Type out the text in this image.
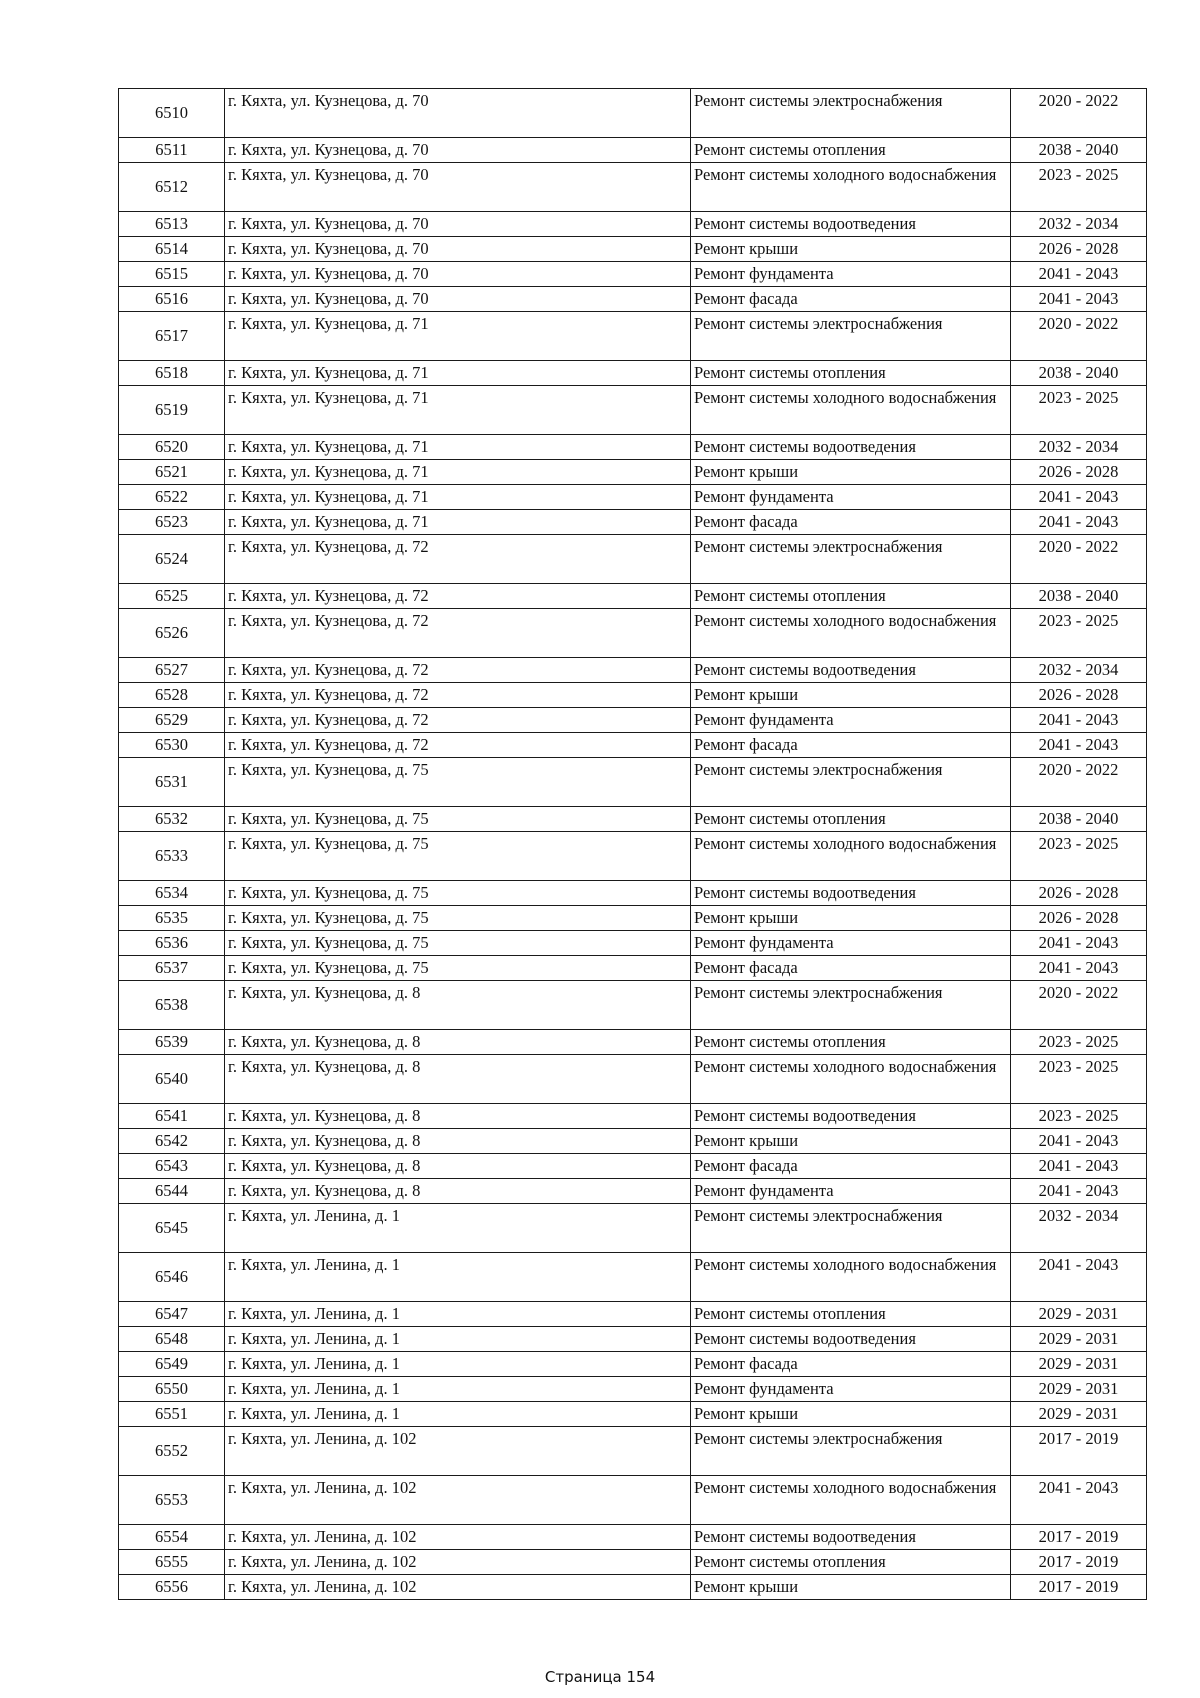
6510	г. Кяхта, ул. Кузнецова, д. 70	Ремонт системы электроснабжения	2020 - 2022
6511	г. Кяхта, ул. Кузнецова, д. 70	Ремонт системы отопления	2038 - 2040
6512	г. Кяхта, ул. Кузнецова, д. 70	Ремонт системы холодного водоснабжения	2023 - 2025
6513	г. Кяхта, ул. Кузнецова, д. 70	Ремонт системы водоотведения	2032 - 2034
6514	г. Кяхта, ул. Кузнецова, д. 70	Ремонт крыши	2026 - 2028
6515	г. Кяхта, ул. Кузнецова, д. 70	Ремонт фундамента	2041 - 2043
6516	г. Кяхта, ул. Кузнецова, д. 70	Ремонт фасада	2041 - 2043
6517	г. Кяхта, ул. Кузнецова, д. 71	Ремонт системы электроснабжения	2020 - 2022
6518	г. Кяхта, ул. Кузнецова, д. 71	Ремонт системы отопления	2038 - 2040
6519	г. Кяхта, ул. Кузнецова, д. 71	Ремонт системы холодного водоснабжения	2023 - 2025
6520	г. Кяхта, ул. Кузнецова, д. 71	Ремонт системы водоотведения	2032 - 2034
6521	г. Кяхта, ул. Кузнецова, д. 71	Ремонт крыши	2026 - 2028
6522	г. Кяхта, ул. Кузнецова, д. 71	Ремонт фундамента	2041 - 2043
6523	г. Кяхта, ул. Кузнецова, д. 71	Ремонт фасада	2041 - 2043
6524	г. Кяхта, ул. Кузнецова, д. 72	Ремонт системы электроснабжения	2020 - 2022
6525	г. Кяхта, ул. Кузнецова, д. 72	Ремонт системы отопления	2038 - 2040
6526	г. Кяхта, ул. Кузнецова, д. 72	Ремонт системы холодного водоснабжения	2023 - 2025
6527	г. Кяхта, ул. Кузнецова, д. 72	Ремонт системы водоотведения	2032 - 2034
6528	г. Кяхта, ул. Кузнецова, д. 72	Ремонт крыши	2026 - 2028
6529	г. Кяхта, ул. Кузнецова, д. 72	Ремонт фундамента	2041 - 2043
6530	г. Кяхта, ул. Кузнецова, д. 72	Ремонт фасада	2041 - 2043
6531	г. Кяхта, ул. Кузнецова, д. 75	Ремонт системы электроснабжения	2020 - 2022
6532	г. Кяхта, ул. Кузнецова, д. 75	Ремонт системы отопления	2038 - 2040
6533	г. Кяхта, ул. Кузнецова, д. 75	Ремонт системы холодного водоснабжения	2023 - 2025
6534	г. Кяхта, ул. Кузнецова, д. 75	Ремонт системы водоотведения	2026 - 2028
6535	г. Кяхта, ул. Кузнецова, д. 75	Ремонт крыши	2026 - 2028
6536	г. Кяхта, ул. Кузнецова, д. 75	Ремонт фундамента	2041 - 2043
6537	г. Кяхта, ул. Кузнецова, д. 75	Ремонт фасада	2041 - 2043
6538	г. Кяхта, ул. Кузнецова, д. 8	Ремонт системы электроснабжения	2020 - 2022
6539	г. Кяхта, ул. Кузнецова, д. 8	Ремонт системы отопления	2023 - 2025
6540	г. Кяхта, ул. Кузнецова, д. 8	Ремонт системы холодного водоснабжения	2023 - 2025
6541	г. Кяхта, ул. Кузнецова, д. 8	Ремонт системы водоотведения	2023 - 2025
6542	г. Кяхта, ул. Кузнецова, д. 8	Ремонт крыши	2041 - 2043
6543	г. Кяхта, ул. Кузнецова, д. 8	Ремонт фасада	2041 - 2043
6544	г. Кяхта, ул. Кузнецова, д. 8	Ремонт фундамента	2041 - 2043
6545	г. Кяхта, ул. Ленина, д. 1	Ремонт системы электроснабжения	2032 - 2034
6546	г. Кяхта, ул. Ленина, д. 1	Ремонт системы холодного водоснабжения	2041 - 2043
6547	г. Кяхта, ул. Ленина, д. 1	Ремонт системы отопления	2029 - 2031
6548	г. Кяхта, ул. Ленина, д. 1	Ремонт системы водоотведения	2029 - 2031
6549	г. Кяхта, ул. Ленина, д. 1	Ремонт фасада	2029 - 2031
6550	г. Кяхта, ул. Ленина, д. 1	Ремонт фундамента	2029 - 2031
6551	г. Кяхта, ул. Ленина, д. 1	Ремонт крыши	2029 - 2031
6552	г. Кяхта, ул. Ленина, д. 102	Ремонт системы электроснабжения	2017 - 2019
6553	г. Кяхта, ул. Ленина, д. 102	Ремонт системы холодного водоснабжения	2041 - 2043
6554	г. Кяхта, ул. Ленина, д. 102	Ремонт системы водоотведения	2017 - 2019
6555	г. Кяхта, ул. Ленина, д. 102	Ремонт системы отопления	2017 - 2019
6556	г. Кяхта, ул. Ленина, д. 102	Ремонт крыши	2017 - 2019
Страница 154
